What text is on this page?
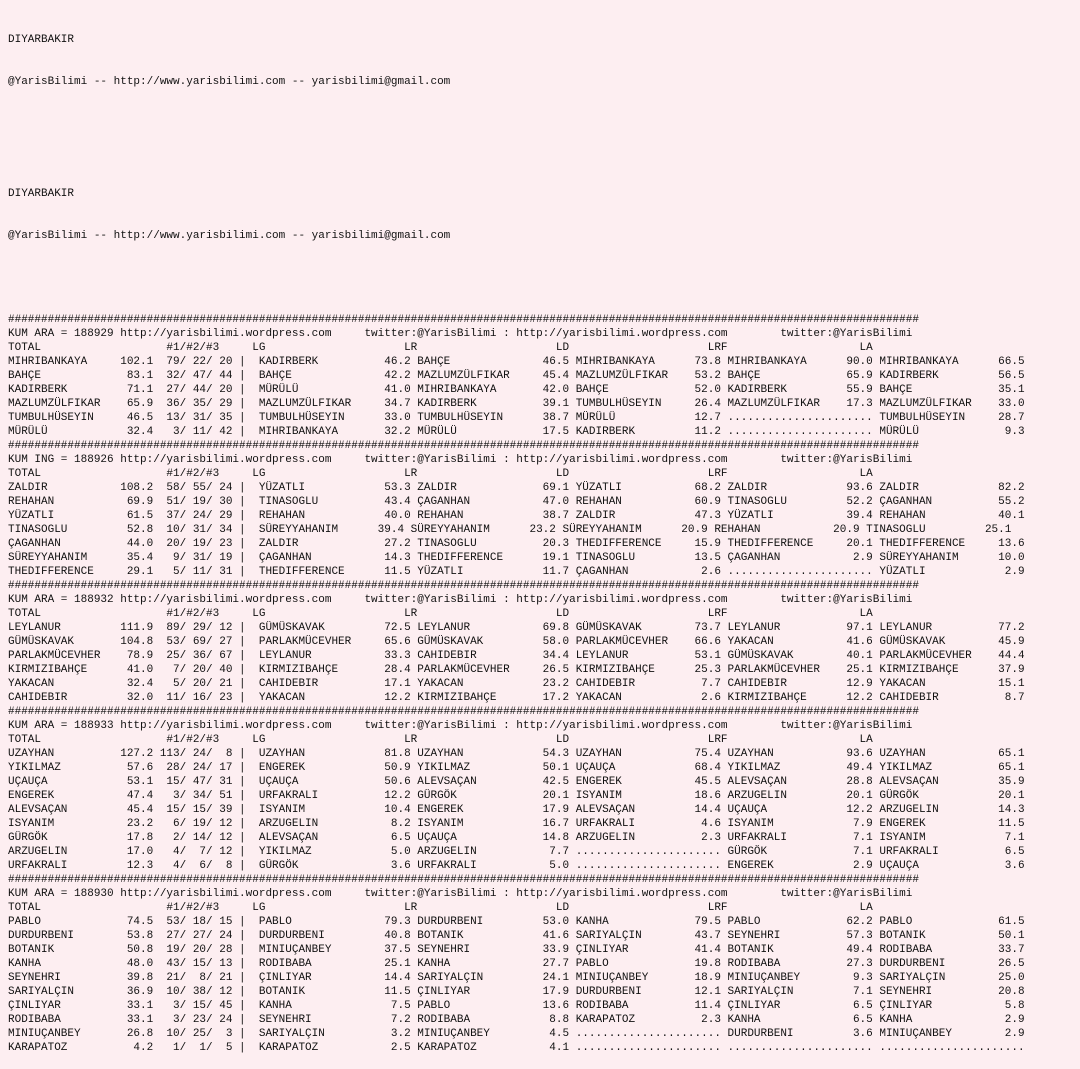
DIYARBAKIR

@YarisBilimi -- http://www.yarisbilimi.com -- yarisbilimi@gmail.com

DIYARBAKIR

@YarisBilimi -- http://www.yarisbilimi.com -- yarisbilimi@gmail.com

##########################################################################################################################################
KUM ARA = 188929 http://yarisbilimi.wordpress.com     twitter:@YarisBilimi : http://yarisbilimi.wordpress.com        twitter:@YarisBilimi
TOTAL                   #1/#2/#3     LG                     LR                     LD                     LRF                    LA
MIHRIBANKAYA     102.1  79/ 22/ 20 |  KADIRBERK          46.2 BAHÇE              46.5 MIHRIBANKAYA      73.8 MIHRIBANKAYA      90.0 MIHRIBANKAYA      66.5
BAHÇE             83.1  32/ 47/ 44 |  BAHÇE              42.2 MAZLUMZÜLFIKAR     45.4 MAZLUMZÜLFIKAR    53.2 BAHÇE             65.9 KADIRBERK         56.5
KADIRBERK         71.1  27/ 44/ 20 |  MÜRÜLÜ             41.0 MIHRIBANKAYA       42.0 BAHÇE             52.0 KADIRBERK         55.9 BAHÇE             35.1
MAZLUMZÜLFIKAR    65.9  36/ 35/ 29 |  MAZLUMZÜLFIKAR     34.7 KADIRBERK          39.1 TUMBULHÜSEYIN     26.4 MAZLUMZÜLFIKAR    17.3 MAZLUMZÜLFIKAR    33.0
TUMBULHÜSEYIN     46.5  13/ 31/ 35 |  TUMBULHÜSEYIN      33.0 TUMBULHÜSEYIN      38.7 MÜRÜLÜ            12.7 ...................... TUMBULHÜSEYIN     28.7
MÜRÜLÜ            32.4   3/ 11/ 42 |  MIHRIBANKAYA       32.2 MÜRÜLÜ             17.5 KADIRBERK         11.2 ...................... MÜRÜLÜ             9.3
##########################################################################################################################################
KUM ING = 188926 http://yarisbilimi.wordpress.com     twitter:@YarisBilimi : http://yarisbilimi.wordpress.com        twitter:@YarisBilimi
TOTAL                   #1/#2/#3     LG                     LR                     LD                     LRF                    LA
ZALDIR           108.2  58/ 55/ 24 |  YÜZATLI            53.3 ZALDIR             69.1 YÜZATLI           68.2 ZALDIR            93.6 ZALDIR            82.2
REHAHAN           69.9  51/ 19/ 30 |  TINASOGLU          43.4 ÇAGANHAN           47.0 REHAHAN           60.9 TINASOGLU         52.2 ÇAGANHAN          55.2
YÜZATLI           61.5  37/ 24/ 29 |  REHAHAN            40.0 REHAHAN            38.7 ZALDIR            47.3 YÜZATLI           39.4 REHAHAN           40.1
TINASOGLU         52.8  10/ 31/ 34 |  SÜREYYAHANIM      39.4 SÜREYYAHANIM      23.2 SÜREYYAHANIM      20.9 REHAHAN           20.9 TINASOGLU         25.1
ÇAGANHAN          44.0  20/ 19/ 23 |  ZALDIR             27.2 TINASOGLU          20.3 THEDIFFERENCE     15.9 THEDIFFERENCE     20.1 THEDIFFERENCE     13.6
SÜREYYAHANIM      35.4   9/ 31/ 19 |  ÇAGANHAN           14.3 THEDIFFERENCE      19.1 TINASOGLU         13.5 ÇAGANHAN           2.9 SÜREYYAHANIM      10.0
THEDIFFERENCE     29.1   5/ 11/ 31 |  THEDIFFERENCE      11.5 YÜZATLI            11.7 ÇAGANHAN           2.6 ...................... YÜZATLI            2.9
##########################################################################################################################################
KUM ARA = 188932 http://yarisbilimi.wordpress.com     twitter:@YarisBilimi : http://yarisbilimi.wordpress.com        twitter:@YarisBilimi
TOTAL                   #1/#2/#3     LG                     LR                     LD                     LRF                    LA
LEYLANUR         111.9  89/ 29/ 12 |  GÜMÜSKAVAK         72.5 LEYLANUR           69.8 GÜMÜSKAVAK        73.7 LEYLANUR          97.1 LEYLANUR          77.2
GÜMÜSKAVAK       104.8  53/ 69/ 27 |  PARLAKMÜCEVHER     65.6 GÜMÜSKAVAK         58.0 PARLAKMÜCEVHER    66.6 YAKACAN           41.6 GÜMÜSKAVAK        45.9
PARLAKMÜCEVHER    78.9  25/ 36/ 67 |  LEYLANUR           33.3 CAHIDEBIR          34.4 LEYLANUR          53.1 GÜMÜSKAVAK        40.1 PARLAKMÜCEVHER    44.4
KIRMIZIBAHÇE      41.0   7/ 20/ 40 |  KIRMIZIBAHÇE       28.4 PARLAKMÜCEVHER     26.5 KIRMIZIBAHÇE      25.3 PARLAKMÜCEVHER    25.1 KIRMIZIBAHÇE      37.9
YAKACAN           32.4   5/ 20/ 21 |  CAHIDEBIR          17.1 YAKACAN            23.2 CAHIDEBIR          7.7 CAHIDEBIR         12.9 YAKACAN           15.1
CAHIDEBIR         32.0  11/ 16/ 23 |  YAKACAN            12.2 KIRMIZIBAHÇE       17.2 YAKACAN            2.6 KIRMIZIBAHÇE      12.2 CAHIDEBIR          8.7
##########################################################################################################################################
KUM ARA = 188933 http://yarisbilimi.wordpress.com     twitter:@YarisBilimi : http://yarisbilimi.wordpress.com        twitter:@YarisBilimi
TOTAL                   #1/#2/#3     LG                     LR                     LD                     LRF                    LA
UZAYHAN          127.2 113/ 24/  8 |  UZAYHAN            81.8 UZAYHAN            54.3 UZAYHAN           75.4 UZAYHAN           93.6 UZAYHAN           65.1
YIKILMAZ          57.6  28/ 24/ 17 |  ENGEREK            50.9 YIKILMAZ           50.1 UÇAUÇA            68.4 YIKILMAZ          49.4 YIKILMAZ          65.1
UÇAUÇA            53.1  15/ 47/ 31 |  UÇAUÇA             50.6 ALEVSAÇAN          42.5 ENGEREK           45.5 ALEVSAÇAN         28.8 ALEVSAÇAN         35.9
ENGEREK           47.4   3/ 34/ 51 |  URFAKRALI          12.2 GÜRGÖK             20.1 ISYANIM           18.6 ARZUGELIN         20.1 GÜRGÖK            20.1
ALEVSAÇAN         45.4  15/ 15/ 39 |  ISYANIM            10.4 ENGEREK            17.9 ALEVSAÇAN         14.4 UÇAUÇA            12.2 ARZUGELIN         14.3
ISYANIM           23.2   6/ 19/ 12 |  ARZUGELIN           8.2 ISYANIM            16.7 URFAKRALI          4.6 ISYANIM            7.9 ENGEREK           11.5
GÜRGÖK            17.8   2/ 14/ 12 |  ALEVSAÇAN           6.5 UÇAUÇA             14.8 ARZUGELIN          2.3 URFAKRALI          7.1 ISYANIM            7.1
ARZUGELIN         17.0   4/  7/ 12 |  YIKILMAZ            5.0 ARZUGELIN           7.7 ...................... GÜRGÖK             7.1 URFAKRALI          6.5
URFAKRALI         12.3   4/  6/  8 |  GÜRGÖK              3.6 URFAKRALI           5.0 ...................... ENGEREK            2.9 UÇAUÇA             3.6
##########################################################################################################################################
KUM ARA = 188930 http://yarisbilimi.wordpress.com     twitter:@YarisBilimi : http://yarisbilimi.wordpress.com        twitter:@YarisBilimi
TOTAL                   #1/#2/#3     LG                     LR                     LD                     LRF                    LA
PABLO             74.5  53/ 18/ 15 |  PABLO              79.3 DURDURBENI         53.0 KANHA             79.5 PABLO             62.2 PABLO             61.5
DURDURBENI        53.8  27/ 27/ 24 |  DURDURBENI         40.8 BOTANIK            41.6 SARIYALÇIN        43.7 SEYNEHRI          57.3 BOTANIK           50.1
BOTANIK           50.8  19/ 20/ 28 |  MINIUÇANBEY        37.5 SEYNEHRI           33.9 ÇINLIYAR          41.4 BOTANIK           49.4 RODIBABA          33.7
KANHA             48.0  43/ 15/ 13 |  RODIBABA           25.1 KANHA              27.7 PABLO             19.8 RODIBABA          27.3 DURDURBENI        26.5
SEYNEHRI          39.8  21/  8/ 21 |  ÇINLIYAR           14.4 SARIYALÇIN         24.1 MINIUÇANBEY       18.9 MINIUÇANBEY        9.3 SARIYALÇIN        25.0
SARIYALÇIN        36.9  10/ 38/ 12 |  BOTANIK            11.5 ÇINLIYAR           17.9 DURDURBENI        12.1 SARIYALÇIN         7.1 SEYNEHRI          20.8
ÇINLIYAR          33.1   3/ 15/ 45 |  KANHA               7.5 PABLO              13.6 RODIBABA          11.4 ÇINLIYAR           6.5 ÇINLIYAR           5.8
RODIBABA          33.1   3/ 23/ 24 |  SEYNEHRI            7.2 RODIBABA            8.8 KARAPATOZ          2.3 KANHA              6.5 KANHA              2.9
MINIUÇANBEY       26.8  10/ 25/  3 |  SARIYALÇIN          3.2 MINIUÇANBEY         4.5 ...................... DURDURBENI         3.6 MINIUÇANBEY        2.9
KARAPATOZ          4.2   1/  1/  5 |  KARAPATOZ           2.5 KARAPATOZ           4.1 ...................... ...................... ......................
